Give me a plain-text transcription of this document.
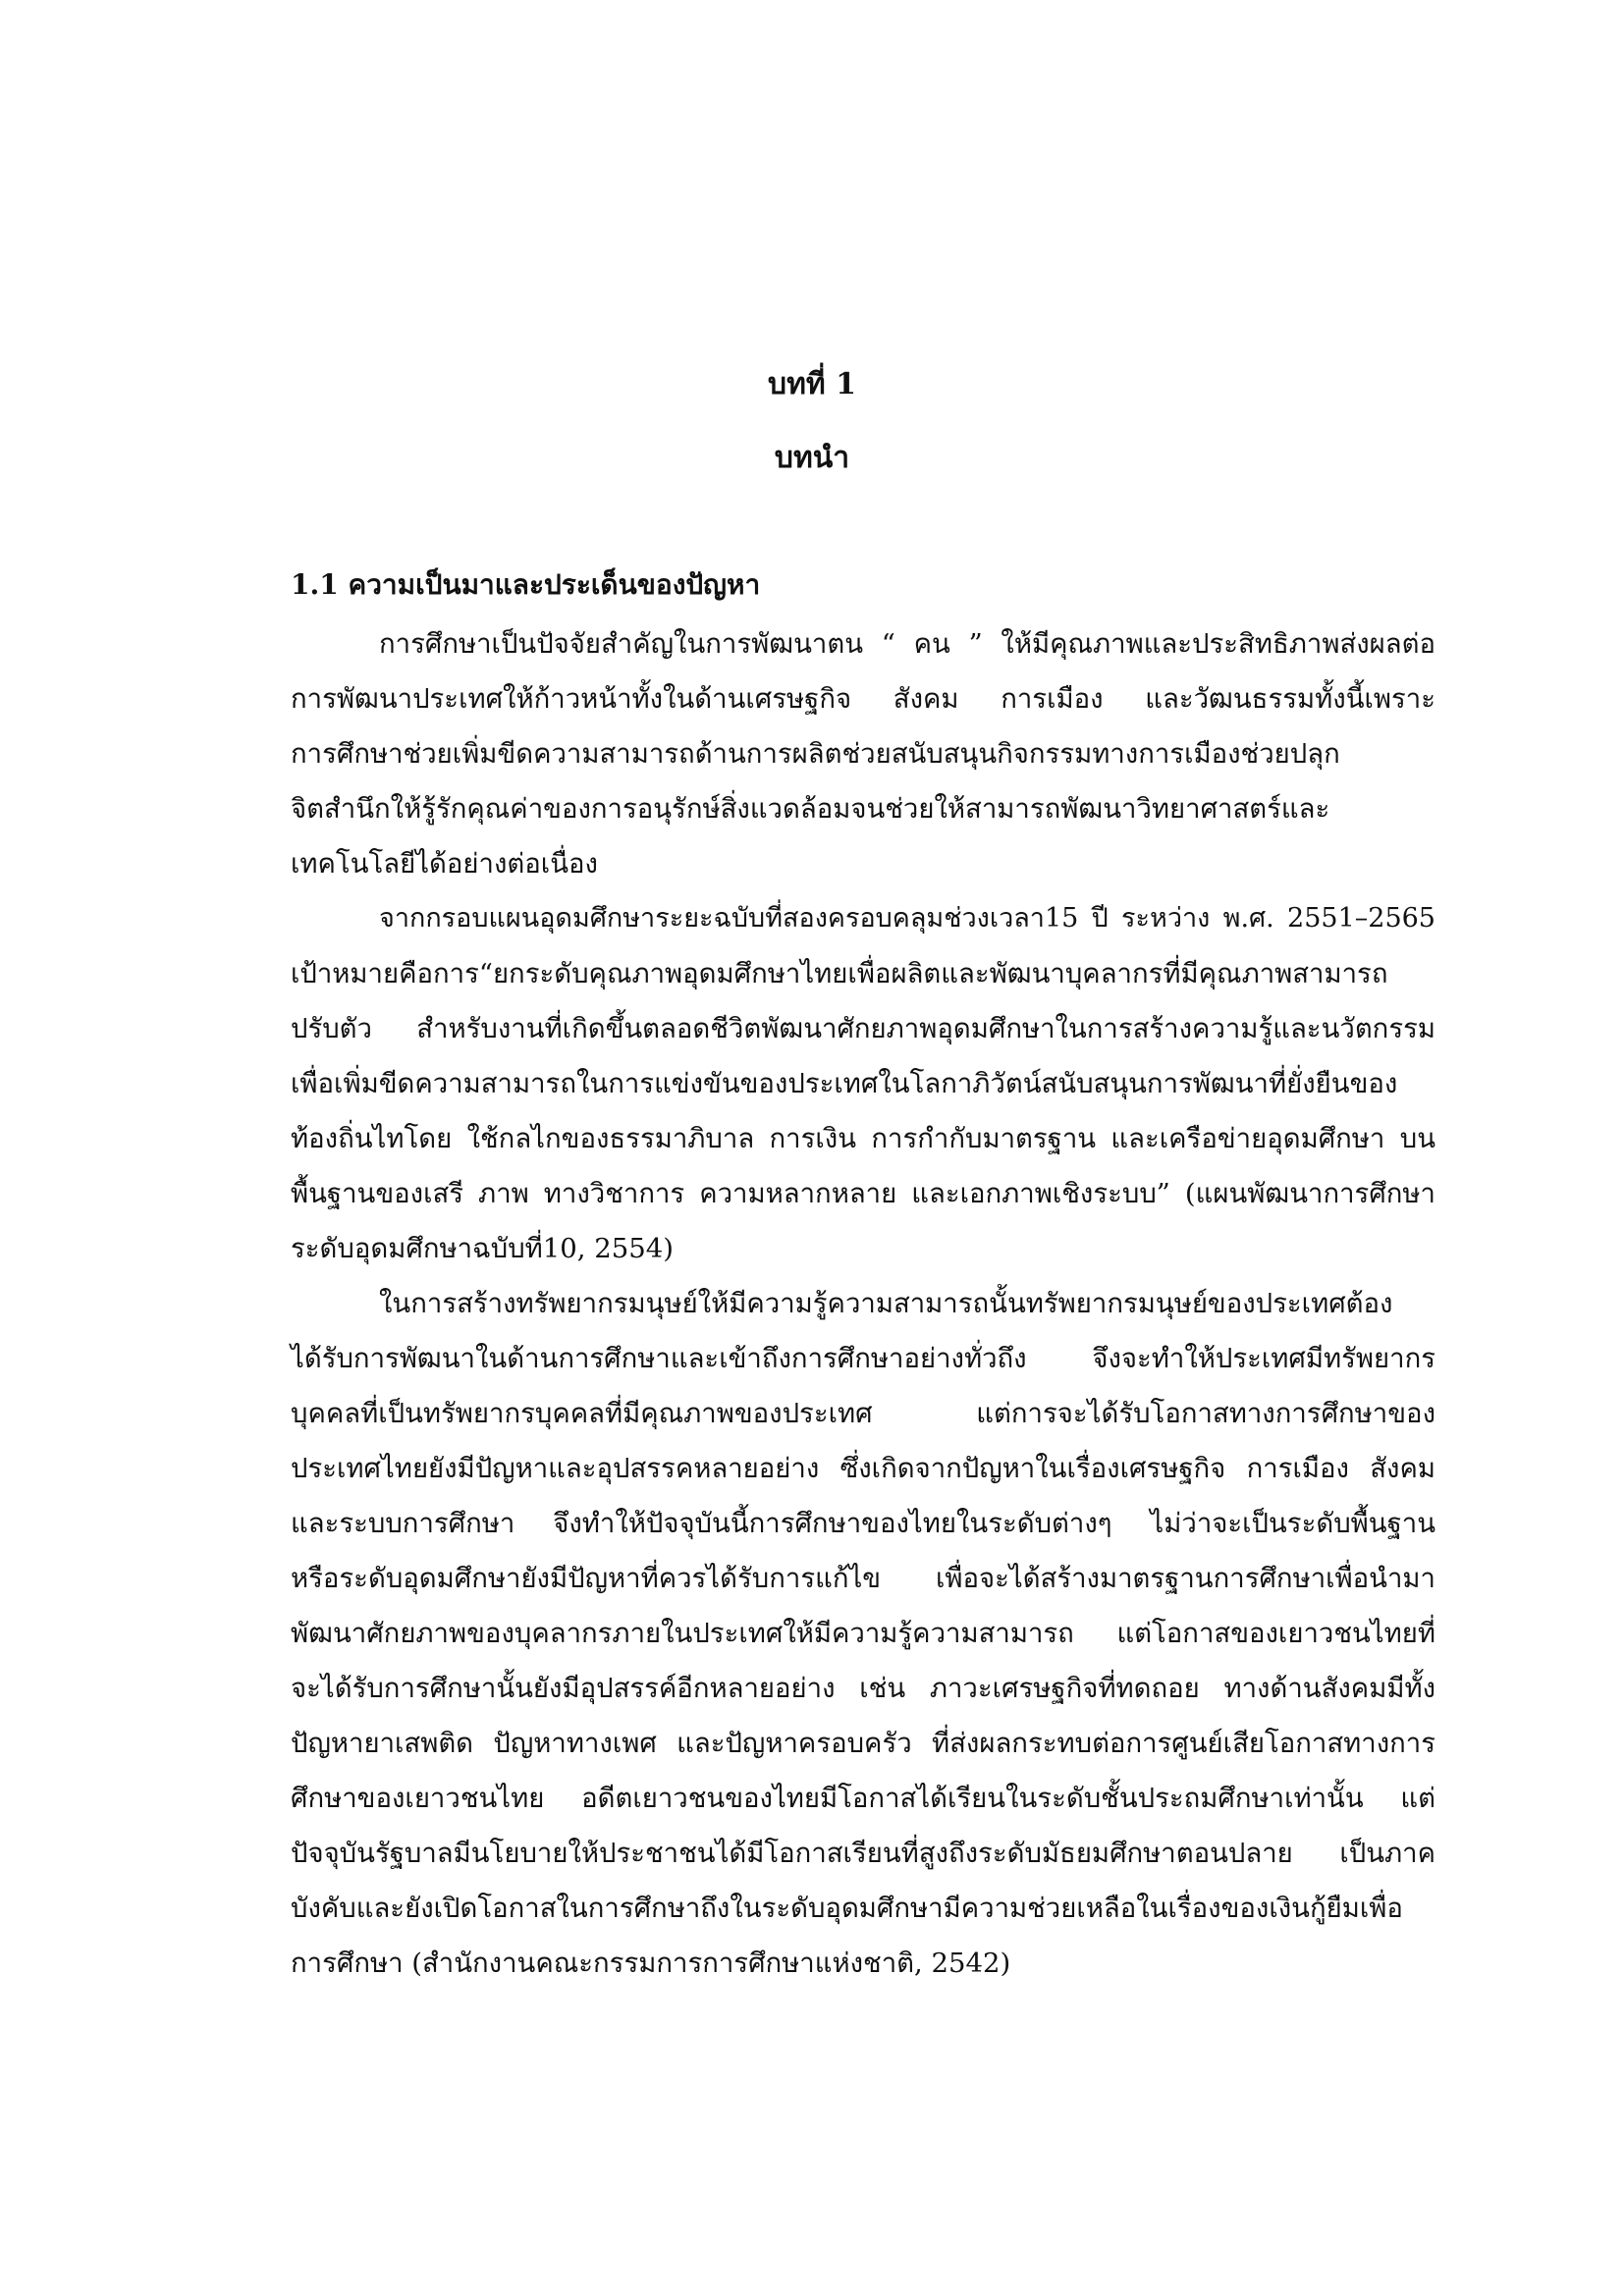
บทที่ 1
บทนำ
1.1 ความเป็นมาและประเด็นของปัญหา
การศึกษาเป็นปัจจัยสำคัญในการพัฒนาตน “ คน ” ให้มีคุณภาพและประสิทธิภาพส่งผลต่อ
การพัฒนาประเทศให้ก้าวหน้าทั้งในด้านเศรษฐกิจ สังคม การเมือง และวัฒนธรรมทั้งนี้เพราะ
การศึกษาช่วยเพิ่มขีดความสามารถด้านการผลิตช่วยสนับสนุนกิจกรรมทางการเมืองช่วยปลุก
จิตสำนึกให้รู้รักคุณค่าของการอนุรักษ์สิ่งแวดล้อมจนช่วยให้สามารถพัฒนาวิทยาศาสตร์และ
เทคโนโลยีได้อย่างต่อเนื่อง
จากกรอบแผนอุดมศึกษาระยะฉบับที่สองครอบคลุมช่วงเวลา15 ปี ระหว่าง พ.ศ. 2551–2565
เป้าหมายคือการ“ยกระดับคุณภาพอุดมศึกษาไทยเพื่อผลิตและพัฒนาบุคลากรที่มีคุณภาพสามารถ
ปรับตัว สำหรับงานที่เกิดขึ้นตลอดชีวิตพัฒนาศักยภาพอุดมศึกษาในการสร้างความรู้และนวัตกรรม
เพื่อเพิ่มขีดความสามารถในการแข่งขันของประเทศในโลกาภิวัตน์สนับสนุนการพัฒนาที่ยั่งยืนของ
ท้องถิ่นไทโดย ใช้กลไกของธรรมาภิบาล การเงิน การกำกับมาตรฐาน และเครือข่ายอุดมศึกษา บน
พื้นฐานของเสรี ภาพ ทางวิชาการ ความหลากหลาย และเอกภาพเชิงระบบ” (แผนพัฒนาการศึกษา
ระดับอุดมศึกษาฉบับที่10, 2554)
ในการสร้างทรัพยากรมนุษย์ให้มีความรู้ความสามารถนั้นทรัพยากรมนุษย์ของประเทศต้อง
ได้รับการพัฒนาในด้านการศึกษาและเข้าถึงการศึกษาอย่างทั่วถึง จึงจะทำให้ประเทศมีทรัพยากร
บุคคลที่เป็นทรัพยากรบุคคลที่มีคุณภาพของประเทศ แต่การจะได้รับโอกาสทางการศึกษาของ
ประเทศไทยยังมีปัญหาและอุปสรรคหลายอย่าง ซึ่งเกิดจากปัญหาในเรื่องเศรษฐกิจ การเมือง สังคม
และระบบการศึกษา จึงทำให้ปัจจุบันนี้การศึกษาของไทยในระดับต่างๆ ไม่ว่าจะเป็นระดับพื้นฐาน
หรือระดับอุดมศึกษายังมีปัญหาที่ควรได้รับการแก้ไข เพื่อจะได้สร้างมาตรฐานการศึกษาเพื่อนำมา
พัฒนาศักยภาพของบุคลากรภายในประเทศให้มีความรู้ความสามารถ แต่โอกาสของเยาวชนไทยที่
จะได้รับการศึกษานั้นยังมีอุปสรรค์อีกหลายอย่าง เช่น ภาวะเศรษฐกิจที่ทดถอย ทางด้านสังคมมีทั้ง
ปัญหายาเสพติด ปัญหาทางเพศ และปัญหาครอบครัว ที่ส่งผลกระทบต่อการศูนย์เสียโอกาสทางการ
ศึกษาของเยาวชนไทย อดีตเยาวชนของไทยมีโอกาสได้เรียนในระดับชั้นประถมศึกษาเท่านั้น แต่
ปัจจุบันรัฐบาลมีนโยบายให้ประชาชนได้มีโอกาสเรียนที่สูงถึงระดับมัธยมศึกษาตอนปลาย เป็นภาค
บังคับและยังเปิดโอกาสในการศึกษาถึงในระดับอุดมศึกษามีความช่วยเหลือในเรื่องของเงินกู้ยืมเพื่อ
การศึกษา (สำนักงานคณะกรรมการการศึกษาแห่งชาติ, 2542)
